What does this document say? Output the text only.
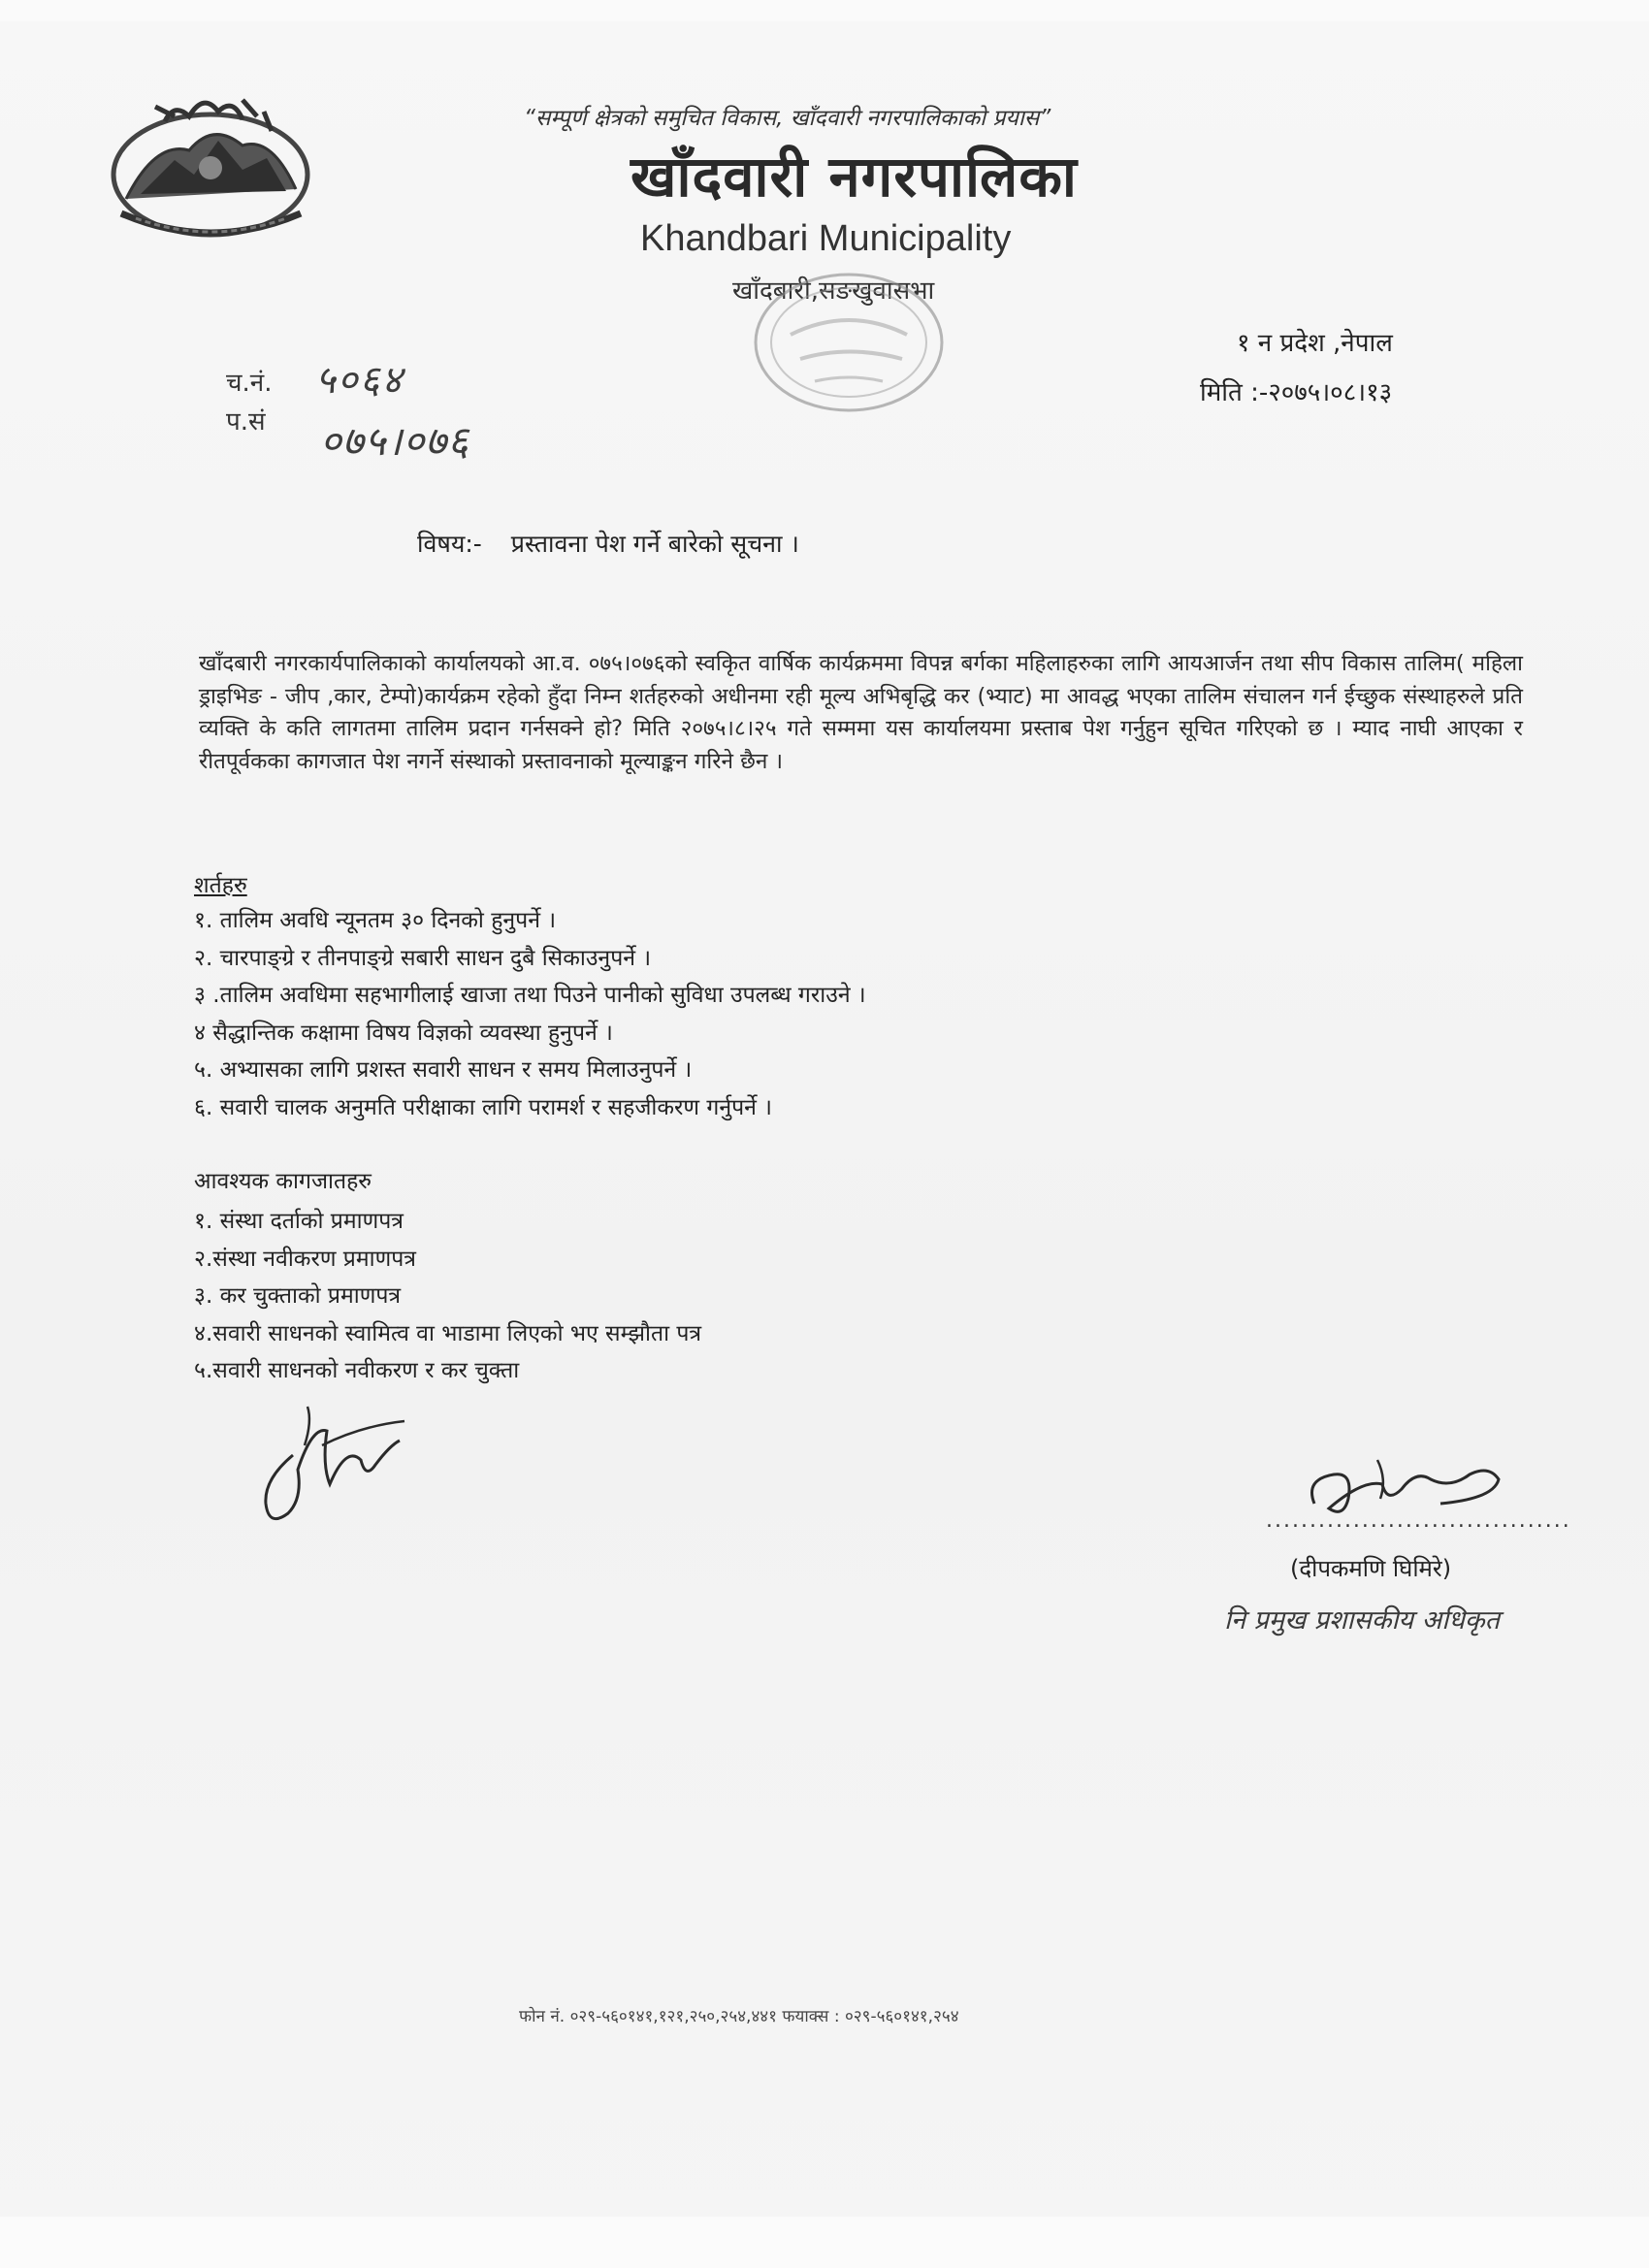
“सम्पूर्ण क्षेत्रको समुचित विकास, खाँदवारी नगरपालिकाको प्रयास”
खाँदवारी नगरपालिका
Khandbari Municipality
खाँदबारी,सङखुवासभा
१ न प्रदेश ,नेपाल
मिति :-२०७५।०८।१३
च.नं. ५०६४
प.सं ०७५।०७६
विषय:- प्रस्तावना पेश गर्ने बारेको सूचना ।
खाँदबारी नगरकार्यपालिकाको कार्यालयको आ.व. ०७५।०७६को स्वकिृत वार्षिक कार्यक्रममा विपन्न बर्गका महिलाहरुका लागि आयआर्जन तथा सीप विकास तालिम( महिला ड्राइभिङ - जीप ,कार, टेम्पो)कार्यक्रम रहेको हुँदा निम्न शर्तहरुको अधीनमा रही मूल्य अभिबृद्धि कर (भ्याट) मा आवद्ध भएका तालिम संचालन गर्न ईच्छुक संस्थाहरुले प्रति व्यक्ति के कति लागतमा तालिम प्रदान गर्नसक्ने हो? मिति २०७५।८।२५ गते सम्ममा यस कार्यालयमा प्रस्ताब पेश गर्नुहुन सूचित गरिएको छ । म्याद नाघी आएका र रीतपूर्वकका कागजात पेश नगर्ने संस्थाको प्रस्तावनाको मूल्याङ्कन गरिने छैन ।
शर्तहरु
१. तालिम अवधि न्यूनतम ३० दिनको हुनुपर्ने ।
२. चारपाङ्ग्रे र तीनपाङ्ग्रे सबारी साधन दुबै सिकाउनुपर्ने ।
३ .तालिम अवधिमा सहभागीलाई खाजा तथा पिउने पानीको सुविधा उपलब्ध गराउने ।
४ सैद्धान्तिक कक्षामा विषय विज्ञको व्यवस्था हुनुपर्ने ।
५. अभ्यासका लागि प्रशस्त सवारी साधन र समय मिलाउनुपर्ने ।
६. सवारी चालक अनुमति परीक्षाका लागि परामर्श र सहजीकरण गर्नुपर्ने ।
आवश्यक कागजातहरु
१. संस्था दर्ताको प्रमाणपत्र
२.संस्था नवीकरण प्रमाणपत्र
३. कर चुक्ताको प्रमाणपत्र
४.सवारी साधनको स्वामित्व वा भाडामा लिएको भए सम्झौता पत्र
५.सवारी साधनको नवीकरण र कर चुक्ता
...................................
(दीपकमणि घिमिरे)
नि प्रमुख प्रशासकीय अधिकृत
फोन नं. ०२९-५६०१४१,१२१,२५०,२५४,४४१ फयाक्स : ०२९-५६०१४१,२५४
